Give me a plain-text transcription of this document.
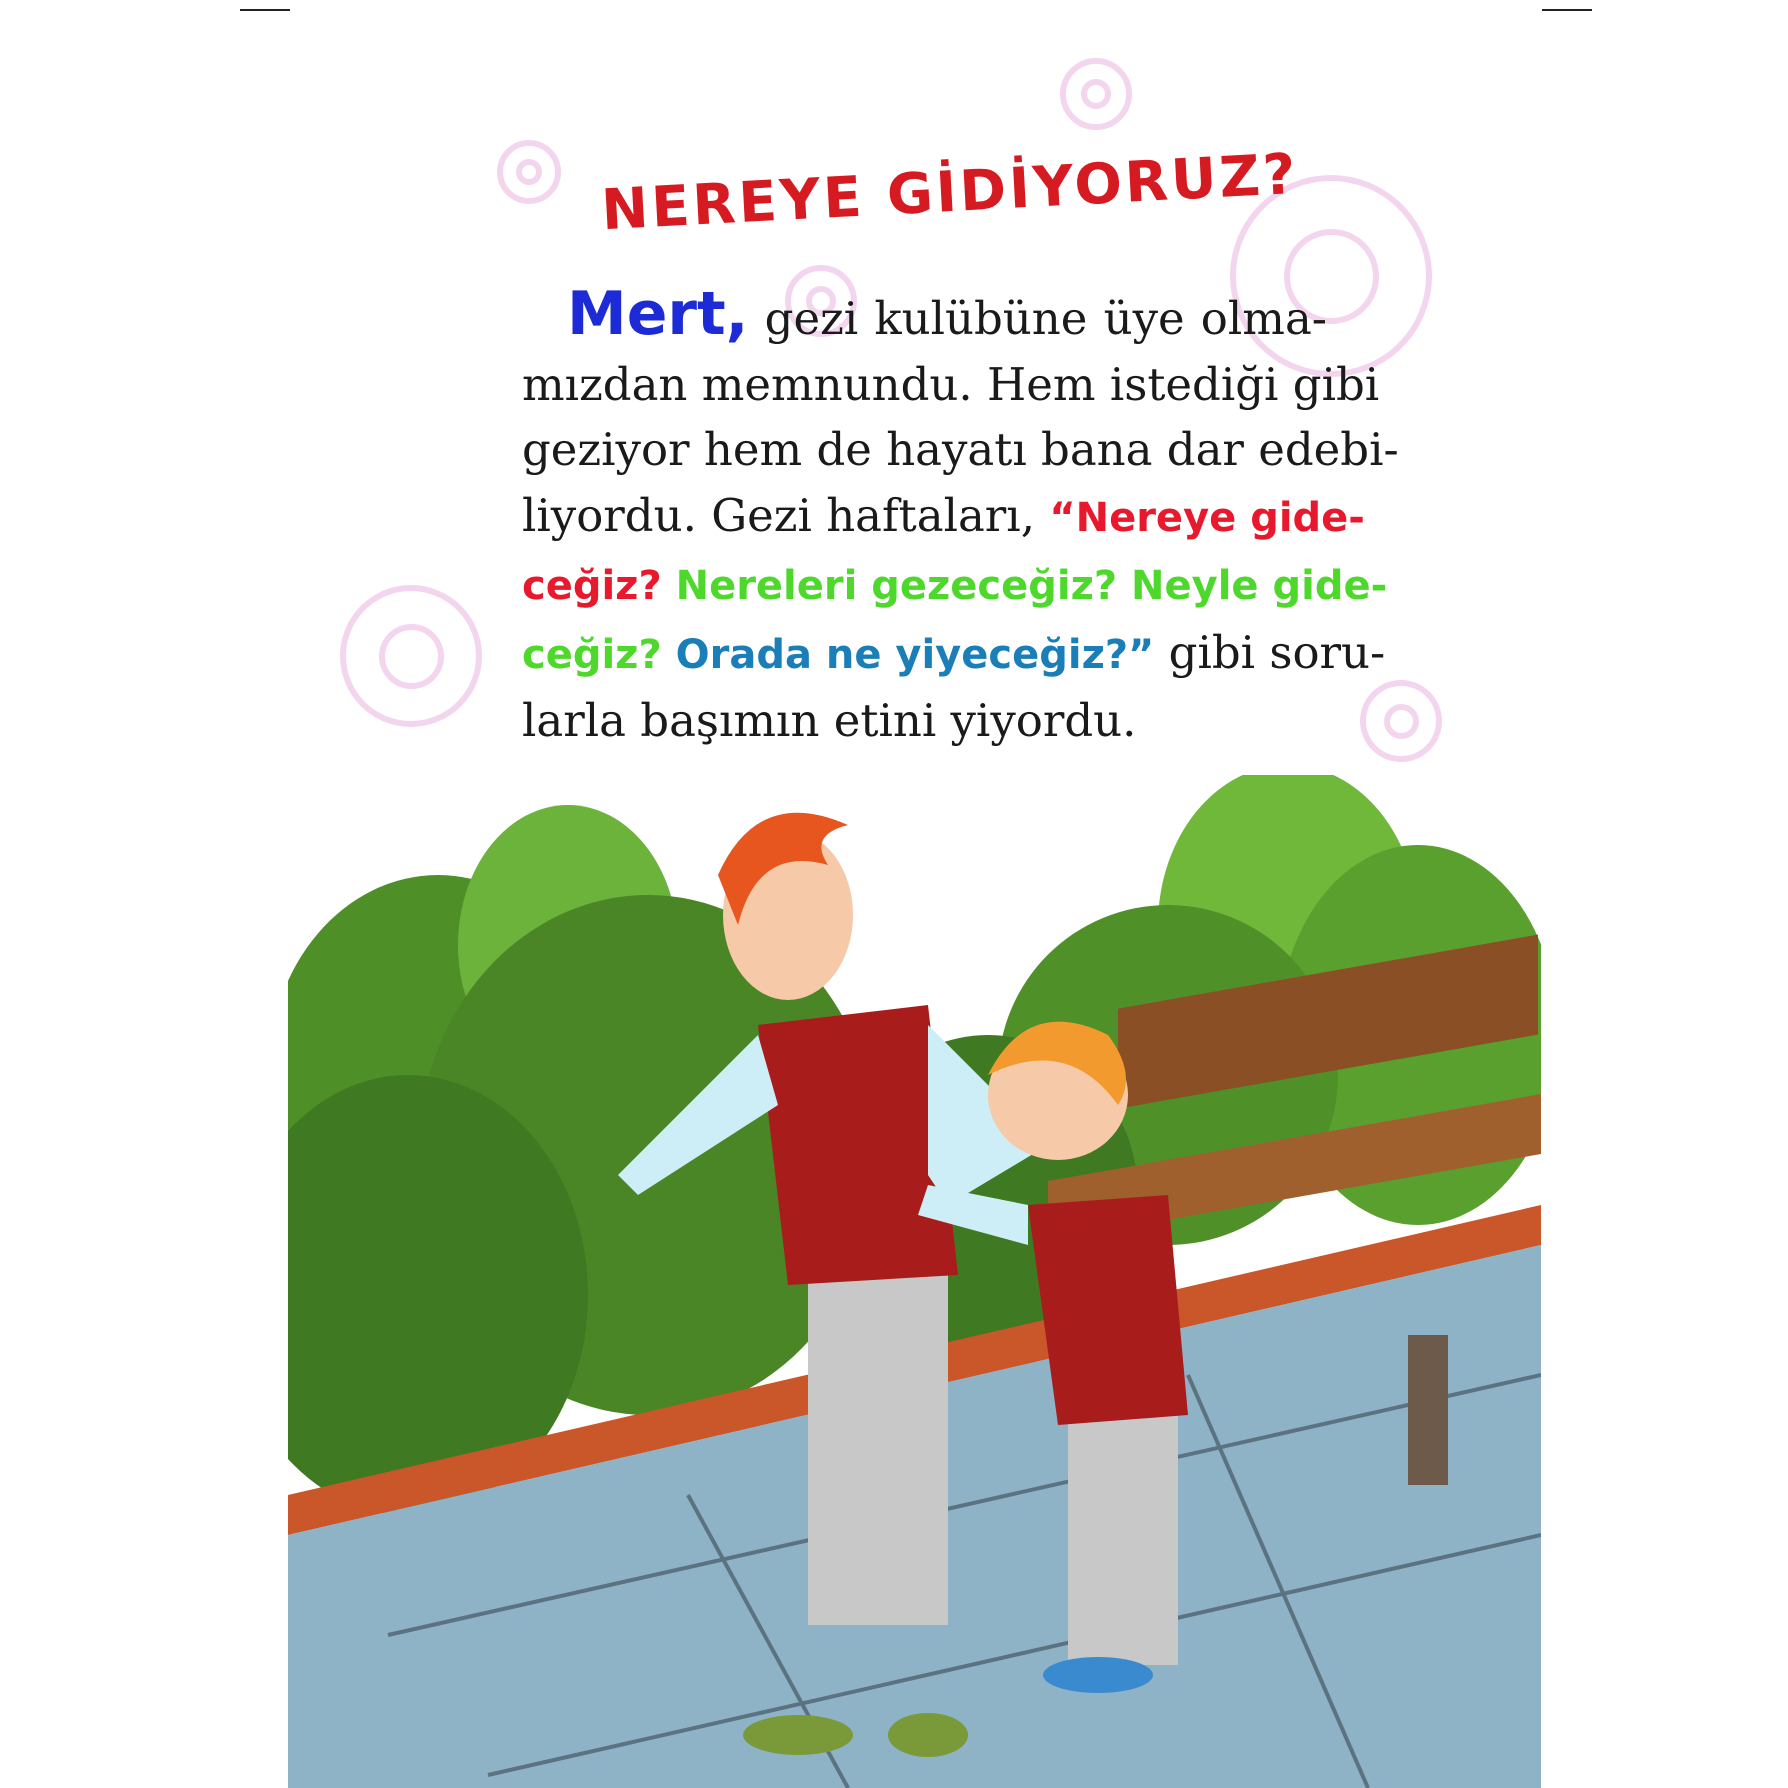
NEREYE GİDİYORUZ?
Mert, gezi kulübüne üye olma-
mızdan memnundu. Hem istediği gibi
geziyor hem de hayatı bana dar edebi-
liyordu. Gezi haftaları, “Nereye gide-
ceğiz? Nereleri gezeceğiz? Neyle gide-
ceğiz? Orada ne yiyeceğiz?” gibi soru-
larla başımın etini yiyordu.
